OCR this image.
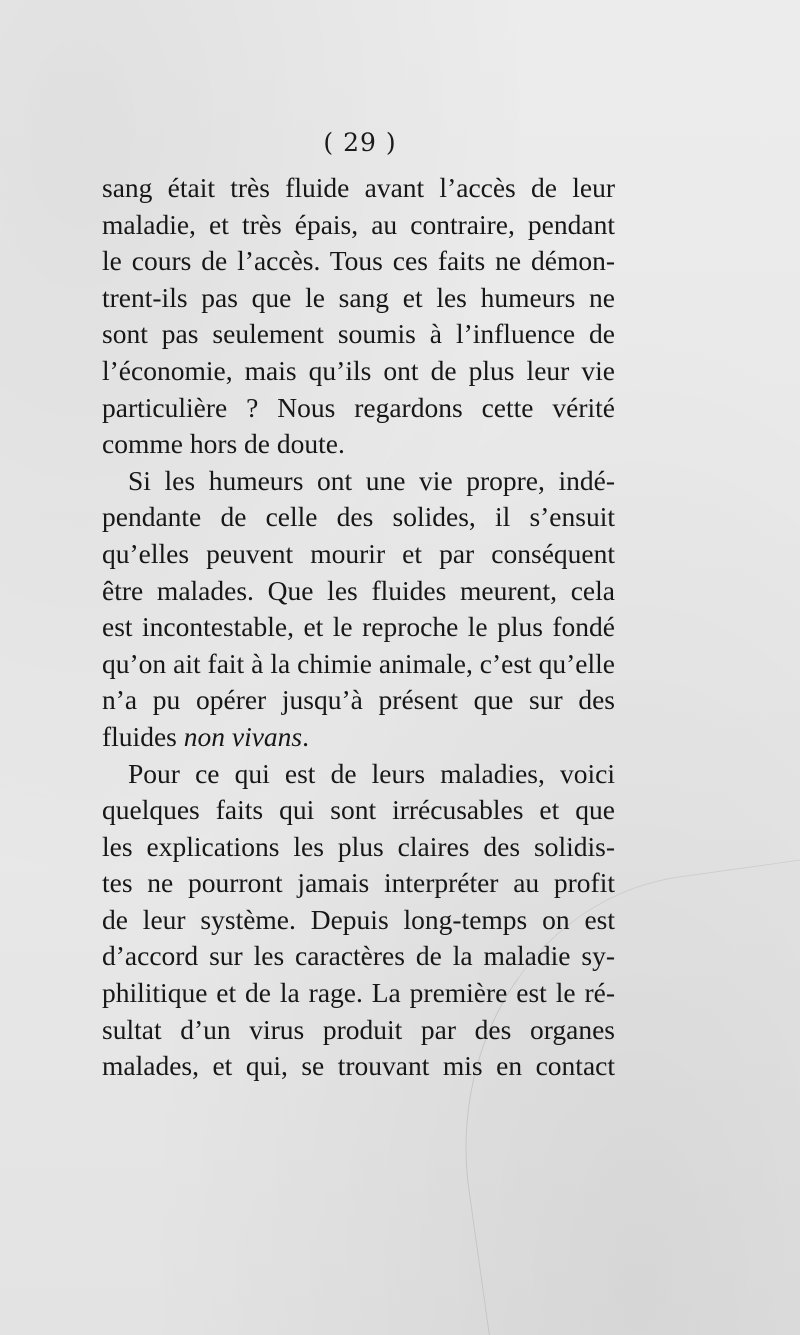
( 29 )
sang était très fluide avant l’accès de leur
maladie, et très épais, au contraire, pendant
le cours de l’accès. Tous ces faits ne démon-
trent-ils pas que le sang et les humeurs ne
sont pas seulement soumis à l’influence de
l’économie, mais qu’ils ont de plus leur vie
particulière ? Nous regardons cette vérité
comme hors de doute.
Si les humeurs ont une vie propre, indé-
pendante de celle des solides, il s’ensuit
qu’elles peuvent mourir et par conséquent
être malades. Que les fluides meurent, cela
est incontestable, et le reproche le plus fondé
qu’on ait fait à la chimie animale, c’est qu’elle
n’a pu opérer jusqu’à présent que sur des
fluides non vivans.
Pour ce qui est de leurs maladies, voici
quelques faits qui sont irrécusables et que
les explications les plus claires des solidis-
tes ne pourront jamais interpréter au profit
de leur système. Depuis long-temps on est
d’accord sur les caractères de la maladie sy-
philitique et de la rage. La première est le ré-
sultat d’un virus produit par des organes
malades, et qui, se trouvant mis en contact
